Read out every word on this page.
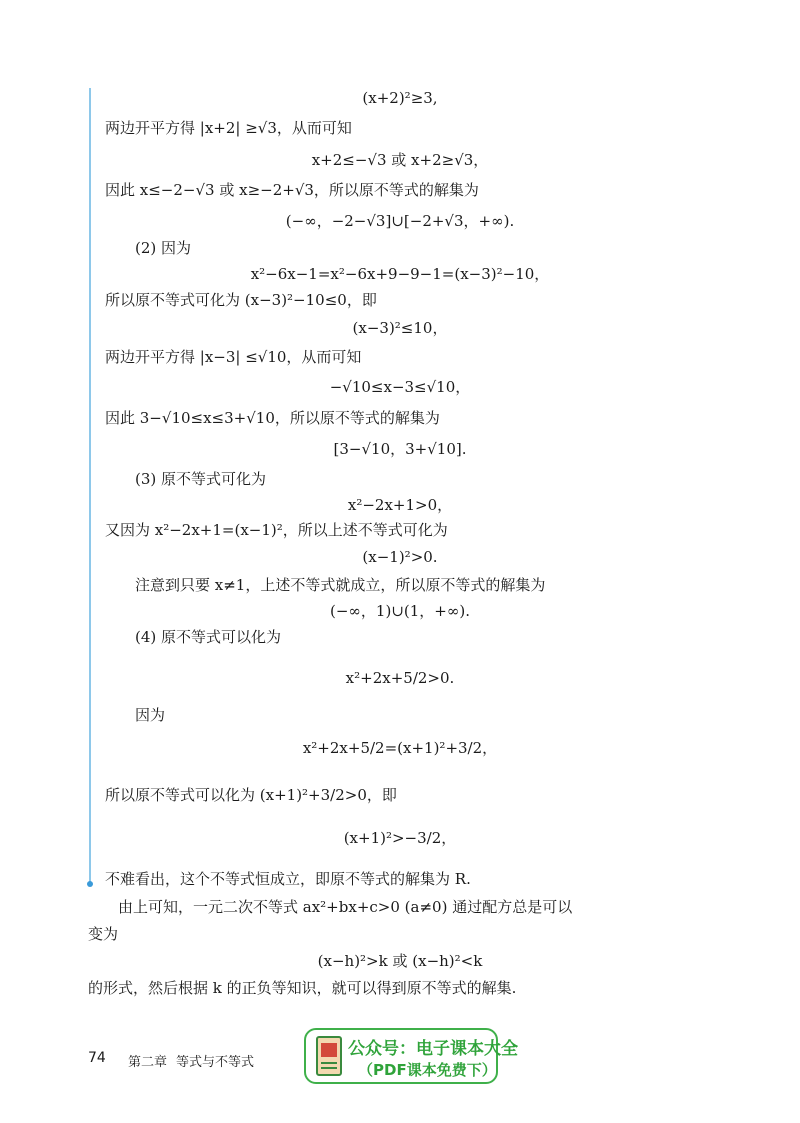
(x+2)²≥3,
两边开平方得 |x+2| ≥√3，从而可知
x+2≤−√3 或 x+2≥√3，
因此 x≤−2−√3 或 x≥−2+√3，所以原不等式的解集为
(−∞，−2−√3]∪[−2+√3，+∞).
(2) 因为
x²−6x−1=x²−6x+9−9−1=(x−3)²−10，
所以原不等式可化为 (x−3)²−10≤0，即
(x−3)²≤10，
两边开平方得 |x−3| ≤√10，从而可知
−√10≤x−3≤√10，
因此 3−√10≤x≤3+√10，所以原不等式的解集为
[3−√10，3+√10].
(3) 原不等式可化为
x²−2x+1>0，
又因为 x²−2x+1=(x−1)²，所以上述不等式可化为
(x−1)²>0.
注意到只要 x≠1，上述不等式就成立，所以原不等式的解集为
(−∞，1)∪(1，+∞).
(4) 原不等式可以化为
x²+2x+5/2>0.
因为
x²+2x+5/2=(x+1)²+3/2，
所以原不等式可以化为 (x+1)²+3/2>0，即
(x+1)²>−3/2，
不难看出，这个不等式恒成立，即原不等式的解集为 R.
由上可知，一元二次不等式 ax²+bx+c>0 (a≠0) 通过配方总是可以
变为
(x−h)²>k 或 (x−h)²<k
的形式，然后根据 k 的正负等知识，就可以得到原不等式的解集.
74 第二章 等式与不等式
公众号：电子课本大全
（PDF课本免费下）
